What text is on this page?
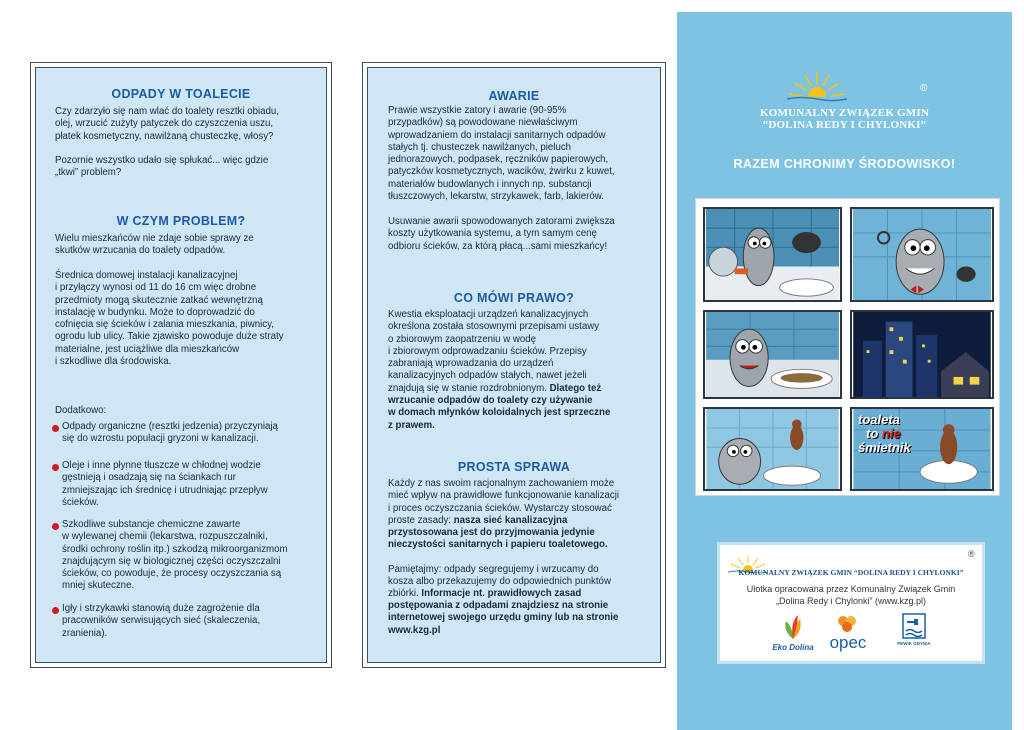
ODPADY W TOALECIE
Czy zdarzyło się nam wlać do toalety resztki obiadu,
olej, wrzucić zużyty patyczek do czyszczenia uszu,
płatek kosmetyczny, nawilżaną chusteczkę, włosy?
Pozornie wszystko udało się spłukać... więc gdzie
„tkwi” problem?
W CZYM PROBLEM?
Wielu mieszkańców nie zdaje sobie sprawy ze
skutków wrzucania do toalety odpadów.
Średnica domowej instalacji kanalizacyjnej
i przyłączy wynosi od 11 do 16 cm więc drobne
przedmioty mogą skutecznie zatkać wewnętrzną
instalację w budynku. Może to doprowadzić do
cofnięcia się ścieków i zalania mieszkania, piwnicy,
ogrodu lub ulicy. Takie zjawisko powoduje duże straty
materialne, jest uciążliwe dla mieszkańców
i szkodliwe dla środowiska.
Dodatkowo:
Odpady organiczne (resztki jedzenia) przyczyniają
się do wzrostu populacji gryzoni w kanalizacji.
Oleje i inne płynne tłuszcze w chłodnej wodzie
gęstnieją i osadzają się na ściankach rur
zmniejszając ich średnicę i utrudniając przepływ
ścieków.
Szkodliwe substancje chemiczne zawarte
w wylewanej chemii (lekarstwa, rozpuszczalniki,
środki ochrony roślin itp.) szkodzą mikroorganizmom
znajdującym się w biologicznej części oczyszczalni
ścieków, co powoduje, że procesy oczyszczania są
mniej skuteczne.
Igły i strzykawki stanowią duże zagrożenie dla
pracowników serwisujących sieć (skaleczenia,
zranienia).
AWARIE
Prawie wszystkie zatory i awarie (90-95%
przypadków) są powodowane niewłaściwym
wprowadzaniem do instalacji sanitarnych odpadów
stałych tj. chusteczek nawilżanych, pieluch
jednorazowych, podpasek, ręczników papierowych,
patyczków kosmetycznych, wacików, żwirku z kuwet,
materiałów budowlanych i innych np. substancji
tłuszczowych, lekarstw, strzykawek, farb, lakierów.
Usuwanie awarii spowodowanych zatorami zwiększa
koszty użytkowania systemu, a tym samym cenę
odbioru ścieków, za którą płacą...sami mieszkańcy!
CO MÓWI PRAWO?
Kwestia eksploatacji urządzeń kanalizacyjnych
określona została stosownymi przepisami ustawy
o zbiorowym zaopatrzeniu w wodę
i zbiorowym odprowadzaniu ścieków. Przepisy
zabraniają wprowadzania do urządzeń
kanalizacyjnych odpadów stałych, nawet jeżeli
znajdują się w stanie rozdrobnionym. Dlatego też
wrzucanie odpadów do toalety czy używanie
w domach młynków koloidalnych jest sprzeczne
z prawem.
PROSTA SPRAWA
Każdy z nas swoim racjonalnym zachowaniem może
mieć wpływ na prawidłowe funkcjonowanie kanalizacji
i proces oczyszczania ścieków. Wystarczy stosować
proste zasady: nasza sieć kanalizacyjna
przystosowana jest do przyjmowania jedynie
nieczystości sanitarnych i papieru toaletowego.
Pamiętajmy: odpady segregujemy i wrzucamy do
kosza albo przekazujemy do odpowiednich punktów
zbiórki. Informacje nt. prawidłowych zasad
postępowania z odpadami znajdziesz na stronie
internetowej swojego urzędu gminy lub na stronie
www.kzg.pl
®
KOMUNALNY ZWIĄZEK GMIN
“DOLINA REDY I CHYLONKI”
RAZEM CHRONIMY ŚRODOWISKO!
toaleta
to nie
śmietnik
®
KOMUNALNY ZWIĄZEK GMIN “DOLINA REDY I CHYLONKI”
Ulotka opracowana przez Komunalny Związek Gmin
„Dolina Redy i Chylonki” (www.kzg.pl)
Eko Dolina opec	PEWIK GDYNIA
